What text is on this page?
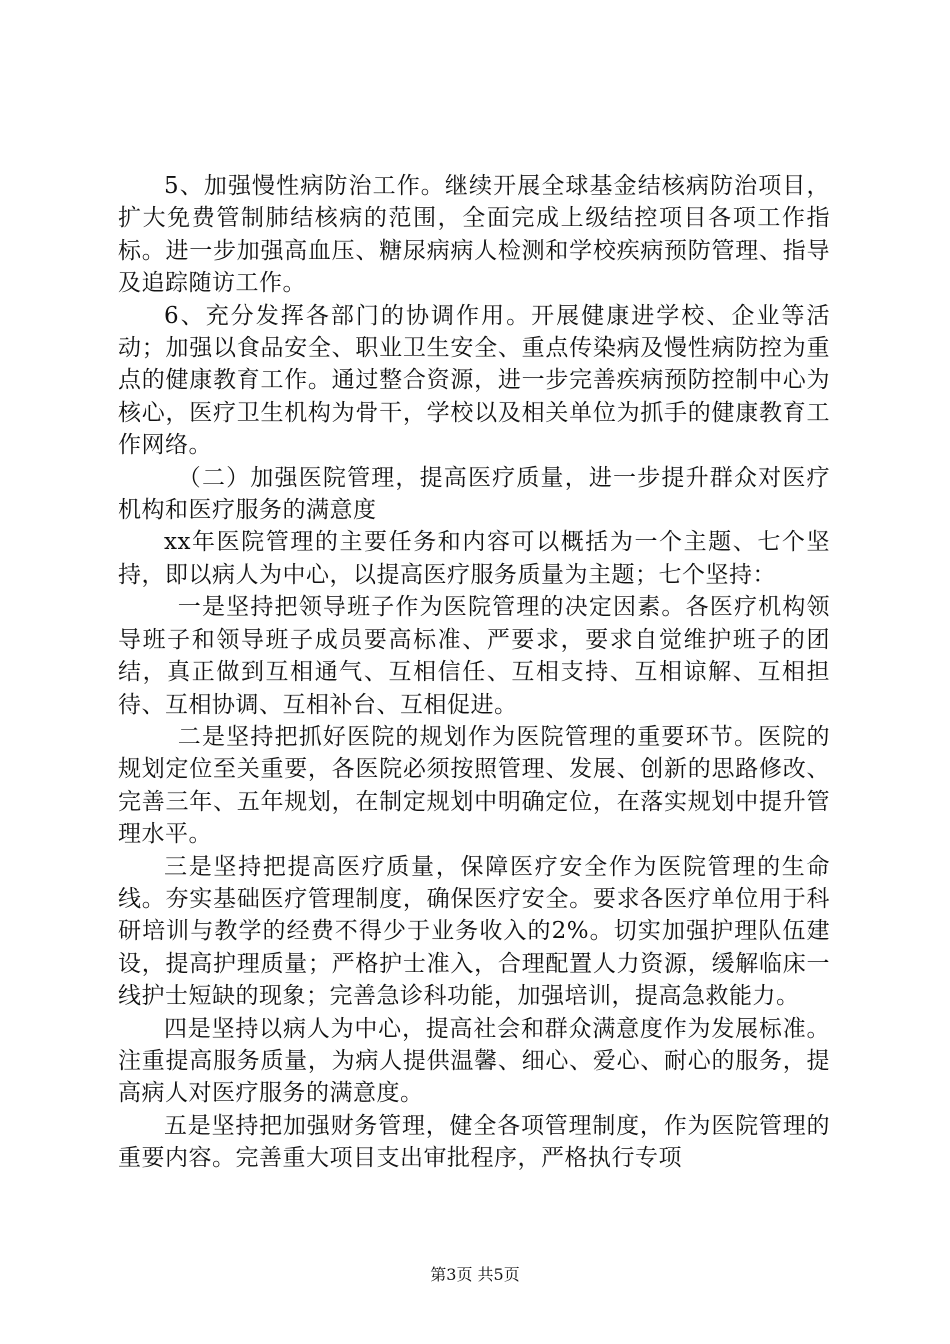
5、加强慢性病防治工作。继续开展全球基金结核病防治项目，扩大免费管制肺结核病的范围，全面完成上级结控项目各项工作指标。进一步加强高血压、糖尿病病人检测和学校疾病预防管理、指导及追踪随访工作。

6、充分发挥各部门的协调作用。开展健康进学校、企业等活动；加强以食品安全、职业卫生安全、重点传染病及慢性病防控为重点的健康教育工作。通过整合资源，进一步完善疾病预防控制中心为核心，医疗卫生机构为骨干，学校以及相关单位为抓手的健康教育工作网络。

（二）加强医院管理，提高医疗质量，进一步提升群众对医疗机构和医疗服务的满意度

xx年医院管理的主要任务和内容可以概括为一个主题、七个坚持，即以病人为中心，以提高医疗服务质量为主题；七个坚持：

一是坚持把领导班子作为医院管理的决定因素。各医疗机构领导班子和领导班子成员要高标准、严要求，要求自觉维护班子的团结，真正做到互相通气、互相信任、互相支持、互相谅解、互相担待、互相协调、互相补台、互相促进。

二是坚持把抓好医院的规划作为医院管理的重要环节。医院的规划定位至关重要，各医院必须按照管理、发展、创新的思路修改、完善三年、五年规划，在制定规划中明确定位，在落实规划中提升管理水平。

三是坚持把提高医疗质量，保障医疗安全作为医院管理的生命线。夯实基础医疗管理制度，确保医疗安全。要求各医疗单位用于科研培训与教学的经费不得少于业务收入的2%。切实加强护理队伍建设，提高护理质量；严格护士准入，合理配置人力资源，缓解临床一线护士短缺的现象；完善急诊科功能，加强培训，提高急救能力。

四是坚持以病人为中心，提高社会和群众满意度作为发展标准。注重提高服务质量，为病人提供温馨、细心、爱心、耐心的服务，提高病人对医疗服务的满意度。

五是坚持把加强财务管理，健全各项管理制度，作为医院管理的重要内容。完善重大项目支出审批程序，严格执行专项

第3页 共5页
